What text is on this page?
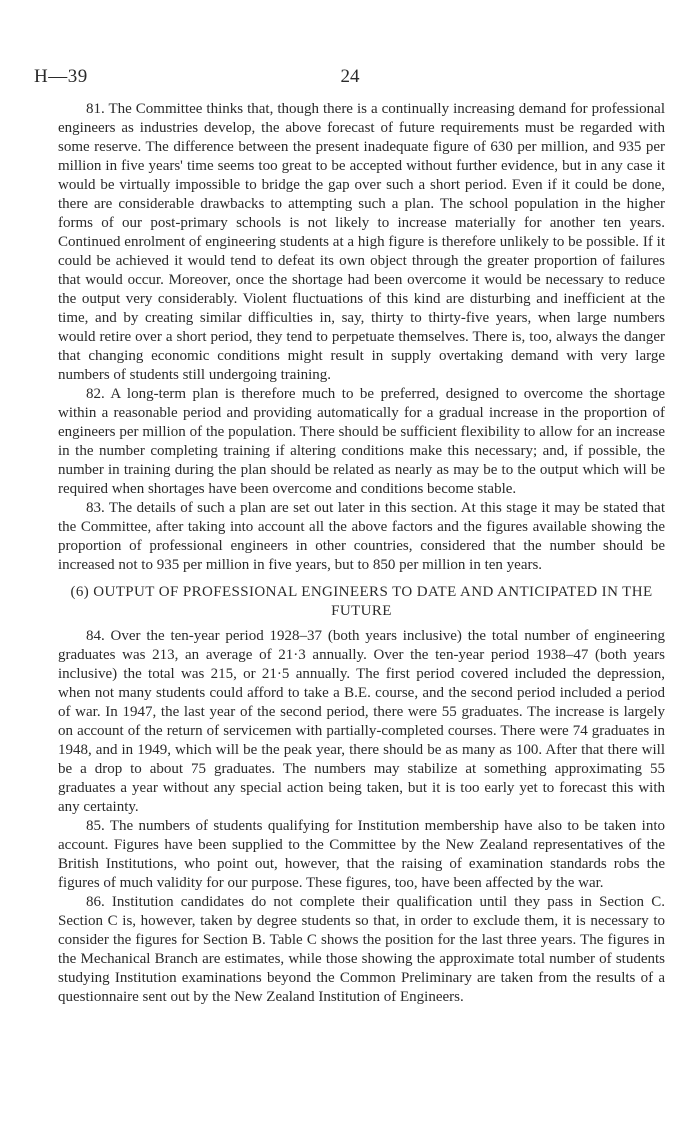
H—39	24

81. The Committee thinks that, though there is a continually increasing demand for professional engineers as industries develop, the above forecast of future requirements must be regarded with some reserve. The difference between the present inadequate figure of 630 per million, and 935 per million in five years' time seems too great to be accepted without further evidence, but in any case it would be virtually impossible to bridge the gap over such a short period. Even if it could be done, there are considerable drawbacks to attempting such a plan. The school population in the higher forms of our post-primary schools is not likely to increase materially for another ten years. Continued enrolment of engineering students at a high figure is therefore unlikely to be possible. If it could be achieved it would tend to defeat its own object through the greater proportion of failures that would occur. Moreover, once the shortage had been overcome it would be necessary to reduce the output very considerably. Violent fluctuations of this kind are disturbing and inefficient at the time, and by creating similar difficulties in, say, thirty to thirty-five years, when large numbers would retire over a short period, they tend to perpetuate themselves. There is, too, always the danger that changing economic conditions might result in supply overtaking demand with very large numbers of students still undergoing training.

82. A long-term plan is therefore much to be preferred, designed to overcome the shortage within a reasonable period and providing automatically for a gradual increase in the proportion of engineers per million of the population. There should be sufficient flexibility to allow for an increase in the number completing training if altering conditions make this necessary; and, if possible, the number in training during the plan should be related as nearly as may be to the output which will be required when shortages have been overcome and conditions become stable.

83. The details of such a plan are set out later in this section. At this stage it may be stated that the Committee, after taking into account all the above factors and the figures available showing the proportion of professional engineers in other countries, considered that the number should be increased not to 935 per million in five years, but to 850 per million in ten years.

(6) OUTPUT OF PROFESSIONAL ENGINEERS TO DATE AND ANTICIPATED IN THE FUTURE

84. Over the ten-year period 1928–37 (both years inclusive) the total number of engineering graduates was 213, an average of 21·3 annually. Over the ten-year period 1938–47 (both years inclusive) the total was 215, or 21·5 annually. The first period covered included the depression, when not many students could afford to take a B.E. course, and the second period included a period of war. In 1947, the last year of the second period, there were 55 graduates. The increase is largely on account of the return of servicemen with partially-completed courses. There were 74 graduates in 1948, and in 1949, which will be the peak year, there should be as many as 100. After that there will be a drop to about 75 graduates. The numbers may stabilize at something approximating 55 graduates a year without any special action being taken, but it is too early yet to forecast this with any certainty.

85. The numbers of students qualifying for Institution membership have also to be taken into account. Figures have been supplied to the Committee by the New Zealand representatives of the British Institutions, who point out, however, that the raising of examination standards robs the figures of much validity for our purpose. These figures, too, have been affected by the war.

86. Institution candidates do not complete their qualification until they pass in Section C. Section C is, however, taken by degree students so that, in order to exclude them, it is necessary to consider the figures for Section B. Table C shows the position for the last three years. The figures in the Mechanical Branch are estimates, while those showing the approximate total number of students studying Institution examinations beyond the Common Preliminary are taken from the results of a questionnaire sent out by the New Zealand Institution of Engineers.
